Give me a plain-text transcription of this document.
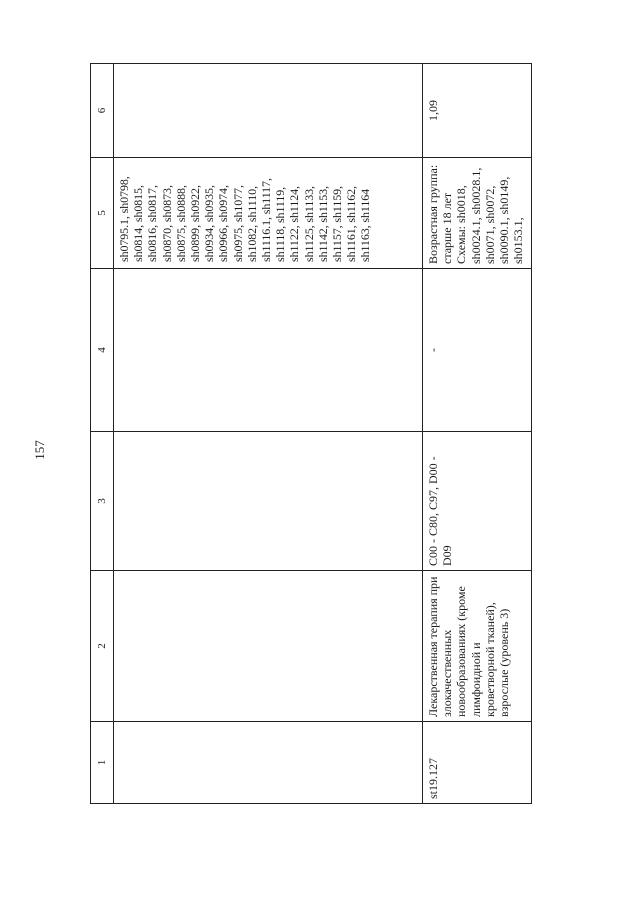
157
1	2	3	4	5	6
				sh0795.1, sh0798, sh0814, sh0815, sh0816, sh0817, sh0870, sh0873, sh0875, sh0888, sh0899, sh0922, sh0934, sh0935, sh0966, sh0974, sh0975, sh1077, sh1082, sh1110, sh1116.1, sh1117, sh1118, sh1119, sh1122, sh1124, sh1125, sh1133, sh1142, sh1153, sh1157, sh1159, sh1161, sh1162, sh1163, sh1164	
st19.127	Лекарственная терапия при злокачественных новообразованиях (кроме лимфоидной и кроветворной тканей), взрослые (уровень 3)	С00 - С80, С97, D00 - D09	-	Возрастная группа: старше 18 лет Схемы: sh0018, sh0024.1, sh0028.1, sh0071, sh0072, sh0090.1, sh0149, sh0153.1,	1,09
